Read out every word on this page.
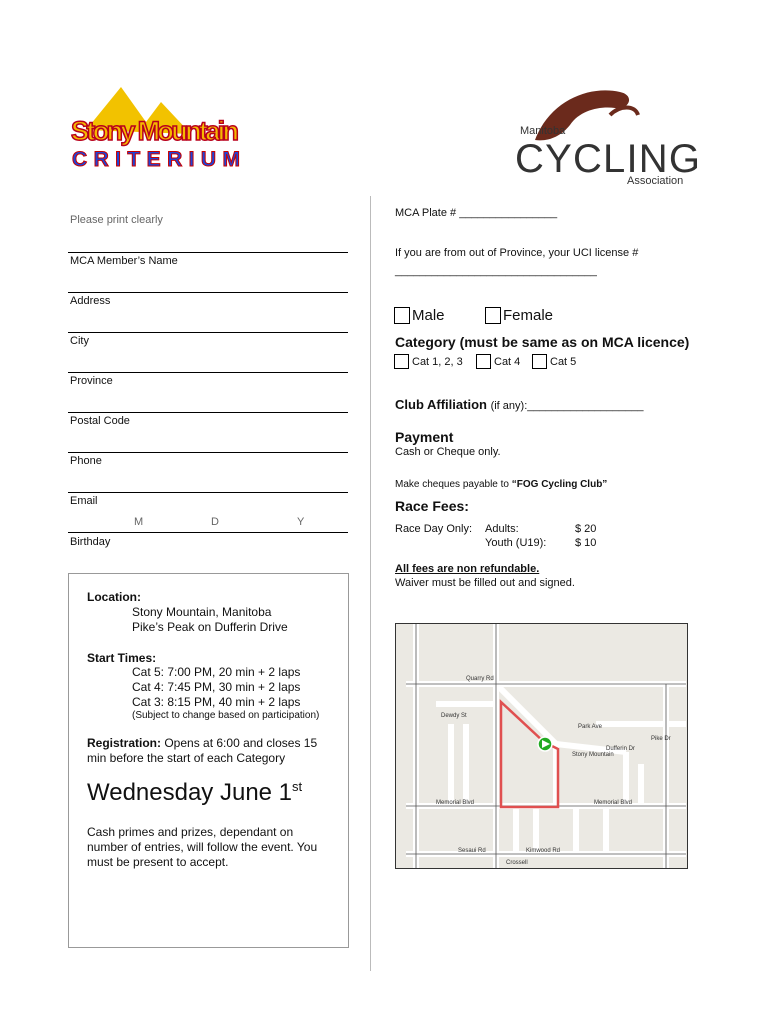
Stony Mountain
CRITERIUM
Manitoba
CYCLING
Association
Please print clearly
MCA Member’s Name
Address
City
Province
Postal Code
Phone
Email
M	D	Y
Birthday
MCA Plate # ________________
If you are from out of Province, your UCI license #
_________________________________
Male	Female
Category (must be same as on MCA licence)
Cat 1, 2, 3	Cat 4	Cat 5
Club Affiliation (if any):___________________
Payment
Cash or Cheque only.
Make cheques payable to “FOG Cycling Club”
Race Fees:
Race Day Only: Adults:	$ 20
Youth (U19):	$ 10
All fees are non refundable.
Waiver must be filled out and signed.
Location:
Stony Mountain, Manitoba
Pike’s Peak on Dufferin Drive
Start Times:
Cat 5: 7:00 PM, 20 min + 2 laps
Cat 4: 7:45 PM, 30 min + 2 laps
Cat 3: 8:15 PM, 40 min + 2 laps
(Subject to change based on participation)
Registration: Opens at 6:00 and closes 15
min before the start of each Category
Wednesday June 1st
Cash primes and prizes, dependant on
number of entries, will follow the event. You
must be present to accept.
Quarry Rd
Dewdy St
Stony Mountain
Memorial Blvd	Memorial Blvd
Sesaui Rd	Kimwood Rd
Dufferin Dr
Park Ave
Pike Dr
Crossell
